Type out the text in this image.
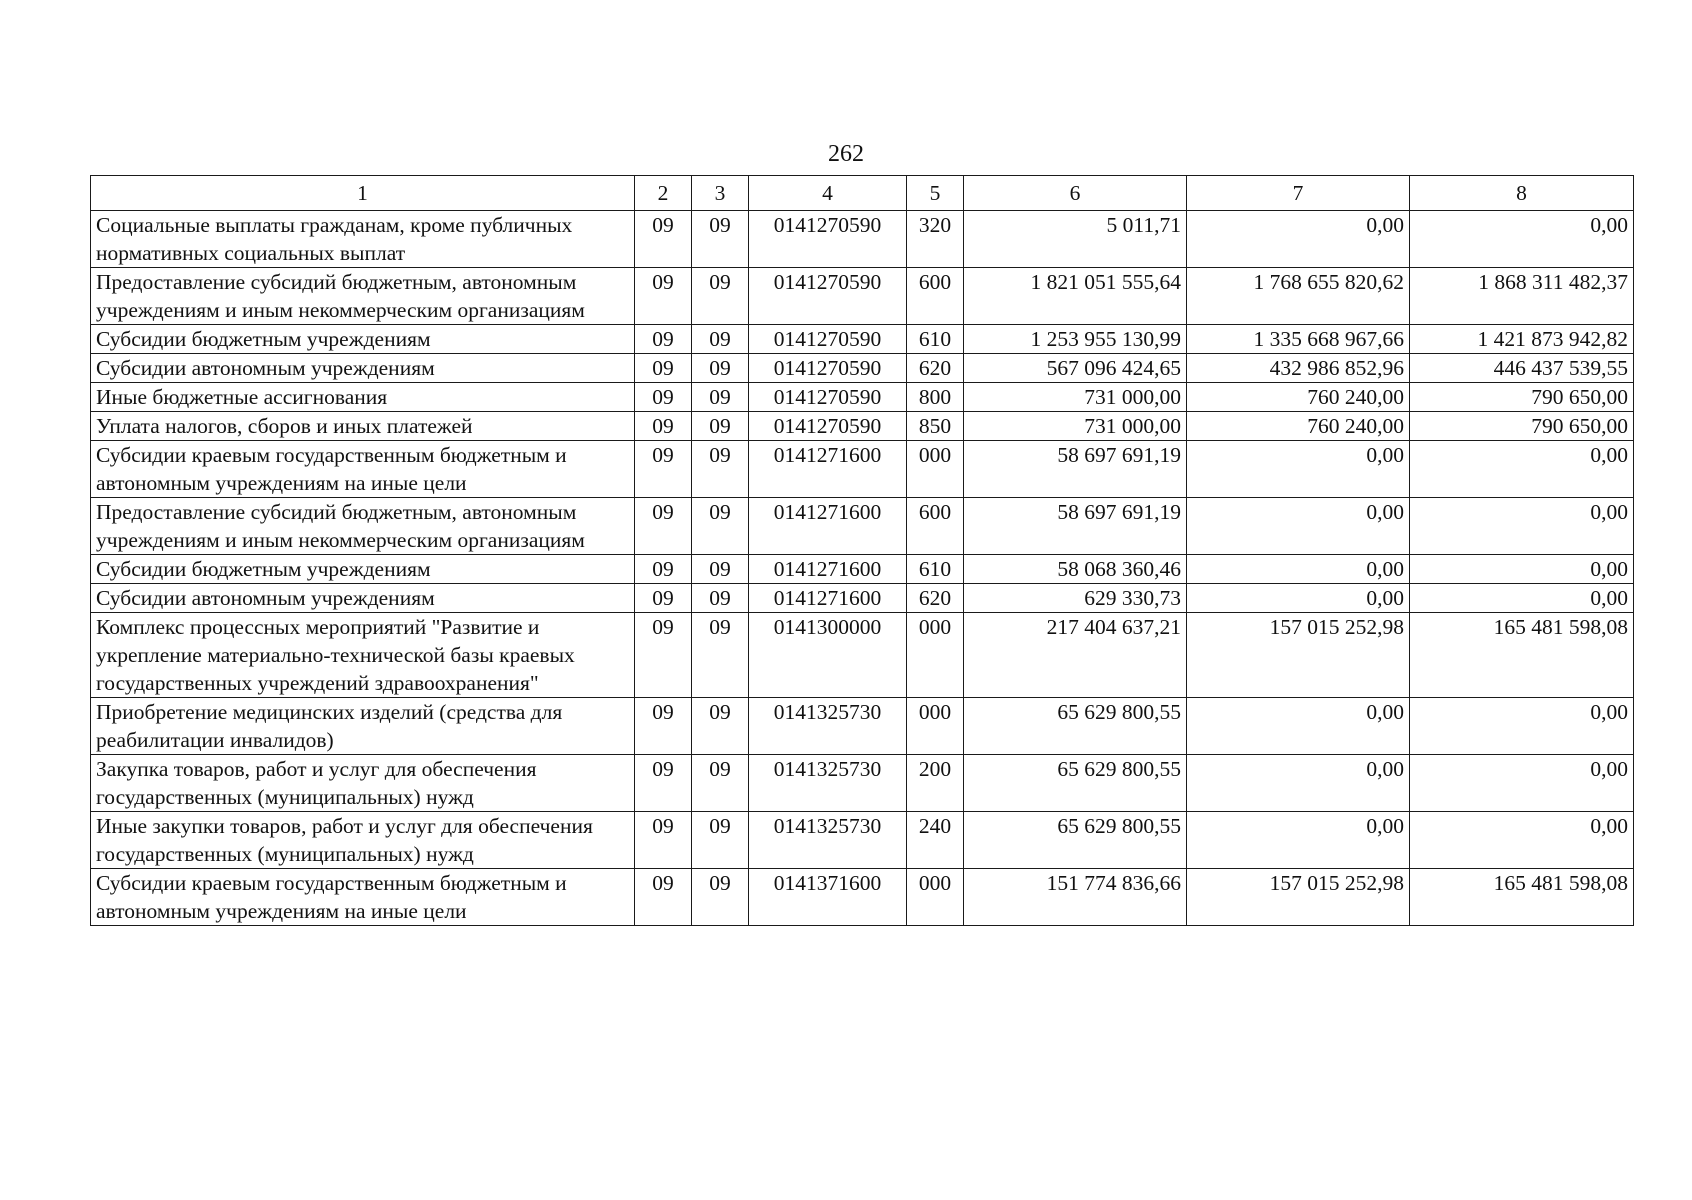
262
1	2	3	4	5	6	7	8
Социальные выплаты гражданам, кроме публичных нормативных социальных выплат	09	09	0141270590	320	5 011,71	0,00	0,00
Предоставление субсидий бюджетным, автономным учреждениям и иным некоммерческим организациям	09	09	0141270590	600	1 821 051 555,64	1 768 655 820,62	1 868 311 482,37
Субсидии бюджетным учреждениям	09	09	0141270590	610	1 253 955 130,99	1 335 668 967,66	1 421 873 942,82
Субсидии автономным учреждениям	09	09	0141270590	620	567 096 424,65	432 986 852,96	446 437 539,55
Иные бюджетные ассигнования	09	09	0141270590	800	731 000,00	760 240,00	790 650,00
Уплата налогов, сборов и иных платежей	09	09	0141270590	850	731 000,00	760 240,00	790 650,00
Субсидии краевым государственным бюджетным и автономным учреждениям на иные цели	09	09	0141271600	000	58 697 691,19	0,00	0,00
Предоставление субсидий бюджетным, автономным учреждениям и иным некоммерческим организациям	09	09	0141271600	600	58 697 691,19	0,00	0,00
Субсидии бюджетным учреждениям	09	09	0141271600	610	58 068 360,46	0,00	0,00
Субсидии автономным учреждениям	09	09	0141271600	620	629 330,73	0,00	0,00
Комплекс процессных мероприятий "Развитие и укрепление материально-технической базы краевых государственных учреждений здравоохранения"	09	09	0141300000	000	217 404 637,21	157 015 252,98	165 481 598,08
Приобретение медицинских изделий (средства для реабилитации инвалидов)	09	09	0141325730	000	65 629 800,55	0,00	0,00
Закупка товаров, работ и услуг для обеспечения государственных (муниципальных) нужд	09	09	0141325730	200	65 629 800,55	0,00	0,00
Иные закупки товаров, работ и услуг для обеспечения государственных (муниципальных) нужд	09	09	0141325730	240	65 629 800,55	0,00	0,00
Субсидии краевым государственным бюджетным и автономным учреждениям на иные цели	09	09	0141371600	000	151 774 836,66	157 015 252,98	165 481 598,08
